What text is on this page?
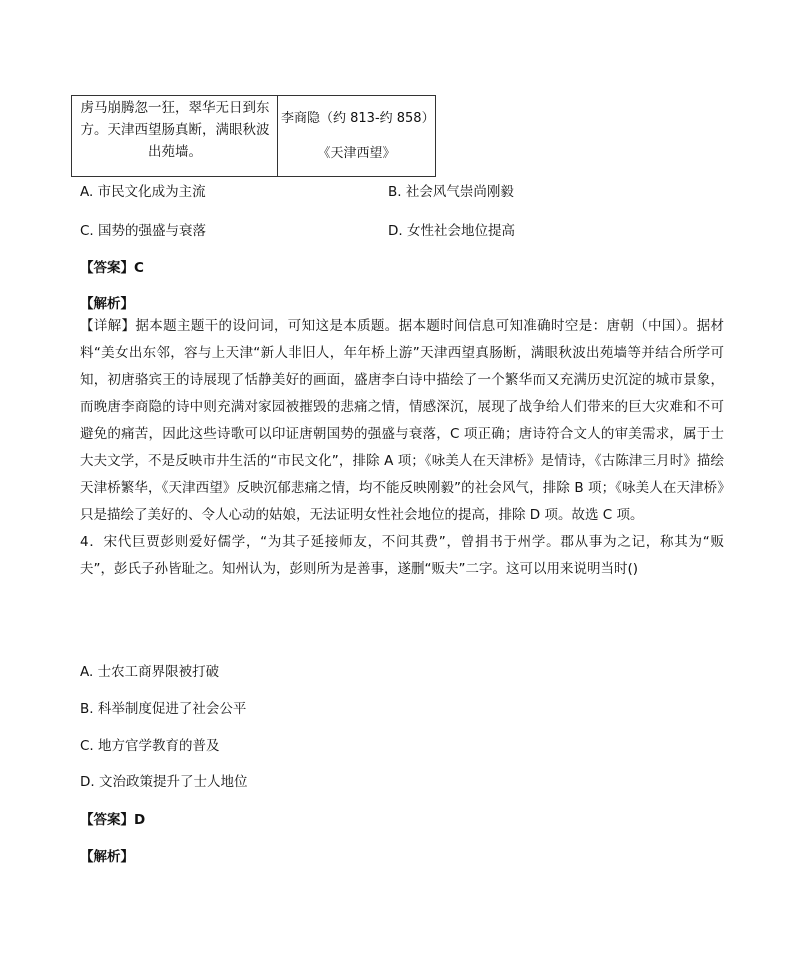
虏马崩腾忽一狂，翠华无日到东方。天津西望肠真断，满眼秋波出苑墙。
李商隐（约 813-约 858）
《天津西望》
A. 市民文化成为主流	B. 社会风气崇尚刚毅
C. 国势的强盛与衰落	D. 女性社会地位提高
【答案】C
【解析】
【详解】据本题主题干的设问词，可知这是本质题。据本题时间信息可知准确时空是：唐朝（中国）。据材料“美女出东邻，容与上天津“新人非旧人，年年桥上游”天津西望真肠断，满眼秋波出苑墙等并结合所学可知，初唐骆宾王的诗展现了恬静美好的画面，盛唐李白诗中描绘了一个繁华而又充满历史沉淀的城市景象，而晚唐李商隐的诗中则充满对家园被摧毁的悲痛之情，情感深沉，展现了战争给人们带来的巨大灾难和不可避免的痛苦，因此这些诗歌可以印证唐朝国势的强盛与衰落，C 项正确；唐诗符合文人的审美需求，属于士大夫文学，不是反映市井生活的“市民文化”，排除 A 项；《咏美人在天津桥》是情诗，《古陈津三月时》描绘天津桥繁华，《天津西望》反映沉郁悲痛之情，均不能反映刚毅”的社会风气，排除 B 项；《咏美人在天津桥》只是描绘了美好的、令人心动的姑娘，无法证明女性社会地位的提高，排除 D 项。故选 C 项。
4．宋代巨贾彭则爱好儒学，“为其子延接师友，不问其费”，曾捐书于州学。郡从事为之记，称其为“贩夫”，彭氏子孙皆耻之。知州认为，彭则所为是善事，遂删“贩夫”二字。这可以用来说明当时()
A. 士农工商界限被打破
B. 科举制度促进了社会公平
C. 地方官学教育的普及
D. 文治政策提升了士人地位
【答案】D
【解析】
